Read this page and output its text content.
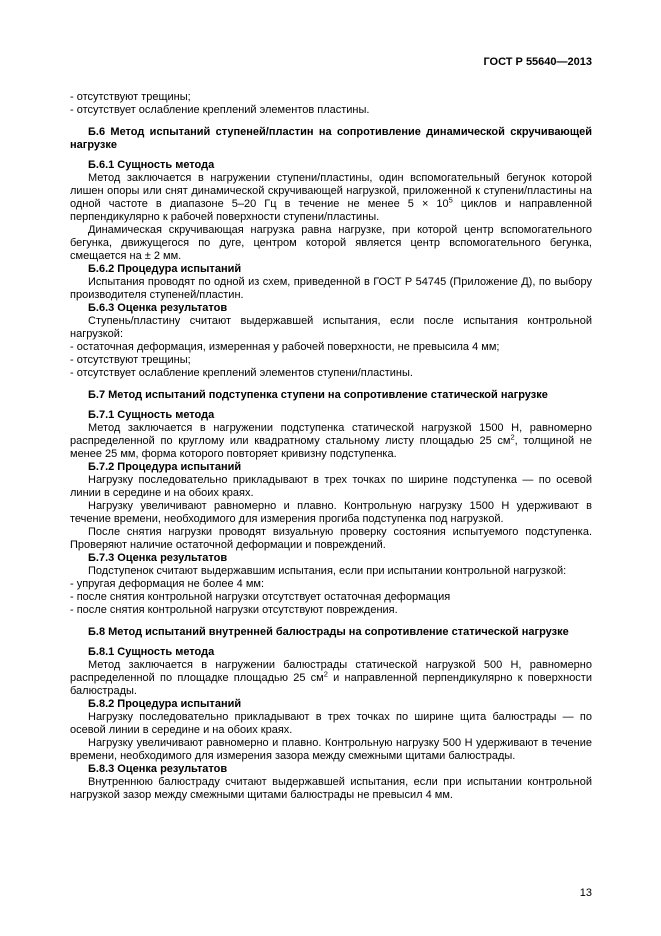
ГОСТ Р 55640—2013
- отсутствуют трещины;
- отсутствует ослабление креплений элементов пластины.
Б.6 Метод испытаний ступеней/пластин на сопротивление динамической скручивающей нагрузке
Б.6.1 Сущность метода
Метод заключается в нагружении ступени/пластины, один вспомогательный бегунок которой лишен опоры или снят динамической скручивающей нагрузкой, приложенной к ступени/пластины на одной частоте в диапазоне 5–20 Гц в течение не менее $5 \times 10^5$ циклов и направленной перпендикулярно к рабочей поверхности ступени/пластины.
Динамическая скручивающая нагрузка равна нагрузке, при которой центр вспомогательного бегунка, движущегося по дуге, центром которой является центр вспомогательного бегунка, смещается на ± 2 мм.
Б.6.2 Процедура испытаний
Испытания проводят по одной из схем, приведенной в ГОСТ Р 54745 (Приложение Д), по выбору производителя ступеней/пластин.
Б.6.3 Оценка результатов
Ступень/пластину считают выдержавшей испытания, если после испытания контрольной нагрузкой:
- остаточная деформация, измеренная у рабочей поверхности, не превысила 4 мм;
- отсутствуют трещины;
- отсутствует ослабление креплений элементов ступени/пластины.
Б.7 Метод испытаний подступенка ступени на сопротивление статической нагрузке
Б.7.1 Сущность метода
Метод заключается в нагружении подступенка статической нагрузкой 1500 Н, равномерно распределенной по круглому или квадратному стальному листу площадью 25 $см^2$, толщиной не менее 25 мм, форма которого повторяет кривизну подступенка.
Б.7.2 Процедура испытаний
Нагрузку последовательно прикладывают в трех точках по ширине подступенка — по осевой линии в середине и на обоих краях.
Нагрузку увеличивают равномерно и плавно. Контрольную нагрузку 1500 Н удерживают в течение времени, необходимого для измерения прогиба подступенка под нагрузкой.
После снятия нагрузки проводят визуальную проверку состояния испытуемого подступенка. Проверяют наличие остаточной деформации и повреждений.
Б.7.3 Оценка результатов
Подступенок считают выдержавшим испытания, если при испытании контрольной нагрузкой:
- упругая деформация не более 4 мм:
- после снятия контрольной нагрузки отсутствует остаточная деформация
- после снятия контрольной нагрузки отсутствуют повреждения.
Б.8 Метод испытаний внутренней балюстрады на сопротивление статической нагрузке
Б.8.1 Сущность метода
Метод заключается в нагружении балюстрады статической нагрузкой 500 Н, равномерно распределенной по площадке площадью 25 $см^2$ и направленной перпендикулярно к поверхности балюстрады.
Б.8.2 Процедура испытаний
Нагрузку последовательно прикладывают в трех точках по ширине щита балюстрады — по осевой линии в середине и на обоих краях.
Нагрузку увеличивают равномерно и плавно. Контрольную нагрузку 500 Н удерживают в течение времени, необходимого для измерения зазора между смежными щитами балюстрады.
Б.8.3 Оценка результатов
Внутреннюю балюстраду считают выдержавшей испытания, если при испытании контрольной нагрузкой зазор между смежными щитами балюстрады не превысил 4 мм.
13
